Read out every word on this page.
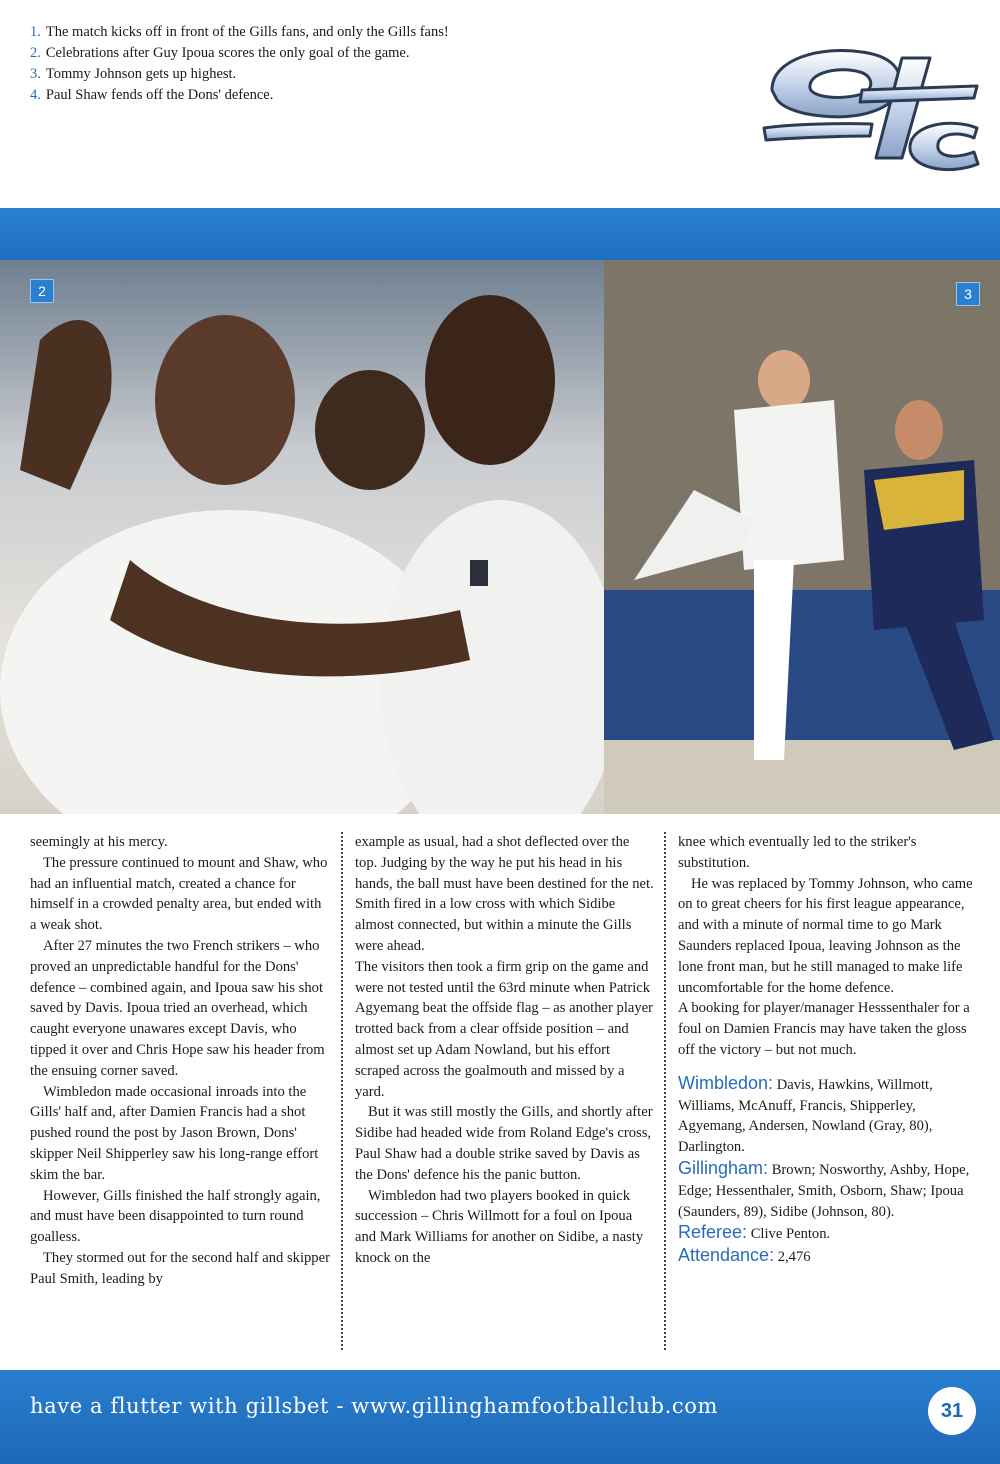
1. The match kicks off in front of the Gills fans, and only the Gills fans!
2. Celebrations after Guy Ipoua scores the only goal of the game.
3. Tommy Johnson gets up highest.
4. Paul Shaw fends off the Dons' defence.
2	3

seemingly at his mercy.

The pressure continued to mount and Shaw, who had an influential match, created a chance for himself in a crowded penalty area, but ended with a weak shot.

After 27 minutes the two French strikers – who proved an unpredictable handful for the Dons' defence – combined again, and Ipoua saw his shot saved by Davis. Ipoua tried an overhead, which caught everyone unawares except Davis, who tipped it over and Chris Hope saw his header from the ensuing corner saved.

Wimbledon made occasional inroads into the Gills' half and, after Damien Francis had a shot pushed round the post by Jason Brown, Dons' skipper Neil Shipperley saw his long-range effort skim the bar.

However, Gills finished the half strongly again, and must have been disappointed to turn round goalless.

They stormed out for the second half and skipper Paul Smith, leading by

example as usual, had a shot deflected over the top. Judging by the way he put his head in his hands, the ball must have been destined for the net.

Smith fired in a low cross with which Sidibe almost connected, but within a minute the Gills were ahead.

The visitors then took a firm grip on the game and were not tested until the 63rd minute when Patrick Agyemang beat the offside flag – as another player trotted back from a clear offside position – and almost set up Adam Nowland, but his effort scraped across the goalmouth and missed by a yard.

But it was still mostly the Gills, and shortly after Sidibe had headed wide from Roland Edge's cross, Paul Shaw had a double strike saved by Davis as the Dons' defence his the panic button.

Wimbledon had two players booked in quick succession – Chris Willmott for a foul on Ipoua and Mark Williams for another on Sidibe, a nasty knock on the

knee which eventually led to the striker's substitution.

He was replaced by Tommy Johnson, who came on to great cheers for his first league appearance, and with a minute of normal time to go Mark Saunders replaced Ipoua, leaving Johnson as the lone front man, but he still managed to make life uncomfortable for the home defence.

A booking for player/manager Hesssenthaler for a foul on Damien Francis may have taken the gloss off the victory – but not much.

Wimbledon: Davis, Hawkins, Willmott, Williams, McAnuff, Francis, Shipperley, Agyemang, Andersen, Nowland (Gray, 80), Darlington.

Gillingham: Brown; Nosworthy, Ashby, Hope, Edge; Hessenthaler, Smith, Osborn, Shaw; Ipoua (Saunders, 89), Sidibe (Johnson, 80).

Referee: Clive Penton.

Attendance: 2,476

have a flutter with gillsbet - www.gillinghamfootballclub.com	31
